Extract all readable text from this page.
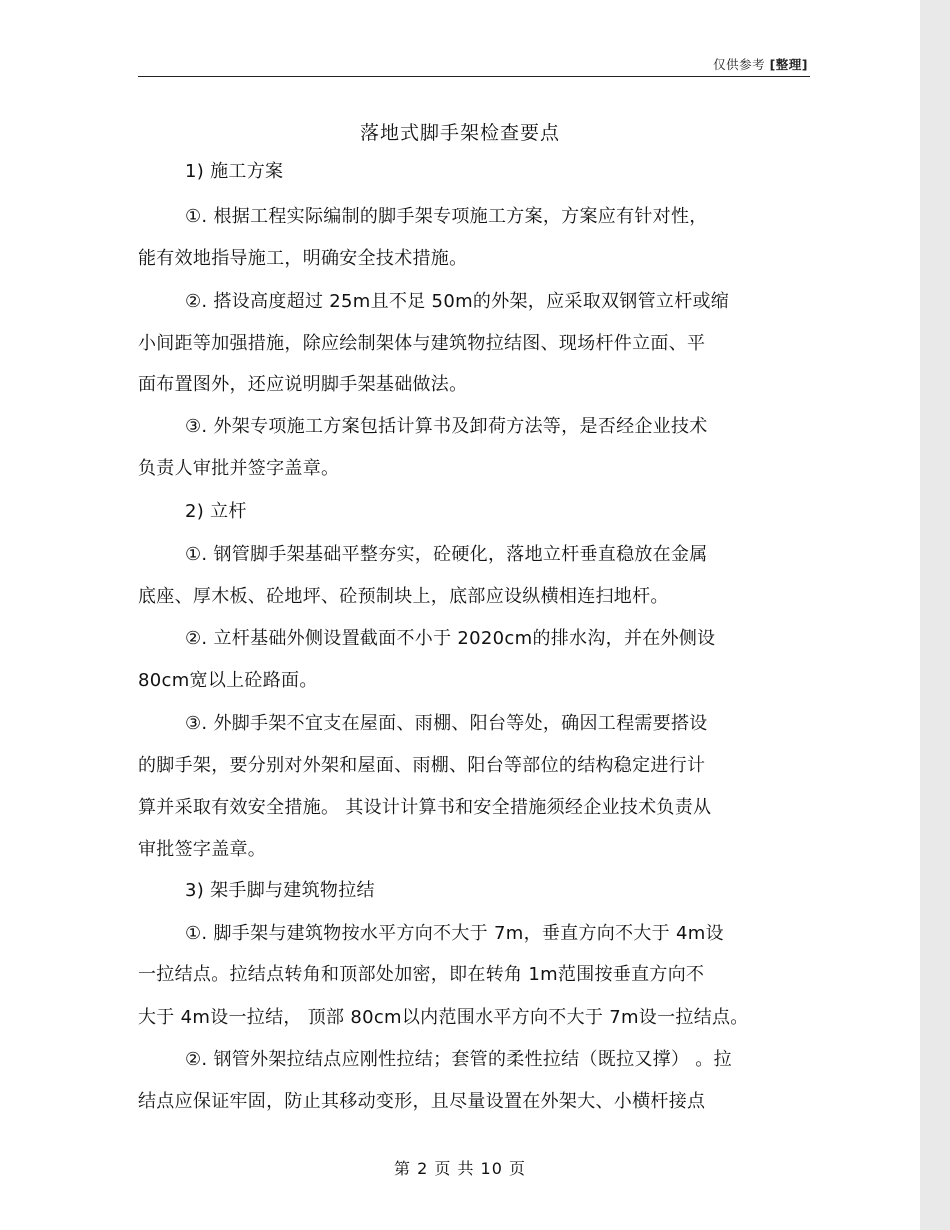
仅供参考 [整理]
落地式脚手架检查要点
1) 施工方案
①. 根据工程实际编制的脚手架专项施工方案，方案应有针对性，
能有效地指导施工，明确安全技术措施。
②. 搭设高度超过 25m且不足 50m的外架，应采取双钢管立杆或缩
小间距等加强措施，除应绘制架体与建筑物拉结图、现场杆件立面、平
面布置图外，还应说明脚手架基础做法。
③. 外架专项施工方案包括计算书及卸荷方法等，是否经企业技术
负责人审批并签字盖章。
2) 立杆
①. 钢管脚手架基础平整夯实，砼硬化，落地立杆垂直稳放在金属
底座、厚木板、砼地坪、砼预制块上，底部应设纵横相连扫地杆。
②. 立杆基础外侧设置截面不小于 2020cm的排水沟，并在外侧设
80cm宽以上砼路面。
③. 外脚手架不宜支在屋面、雨棚、阳台等处，确因工程需要搭设
的脚手架，要分别对外架和屋面、雨棚、阳台等部位的结构稳定进行计
算并采取有效安全措施。 其设计计算书和安全措施须经企业技术负责从
审批签字盖章。
3) 架手脚与建筑物拉结
①. 脚手架与建筑物按水平方向不大于 7m，垂直方向不大于 4m设
一拉结点。拉结点转角和顶部处加密，即在转角 1m范围按垂直方向不
大于 4m设一拉结， 顶部 80cm以内范围水平方向不大于 7m设一拉结点。
②. 钢管外架拉结点应刚性拉结；套管的柔性拉结（既拉又撑） 。拉
结点应保证牢固，防止其移动变形，且尽量设置在外架大、小横杆接点
第 2 页 共 10 页
